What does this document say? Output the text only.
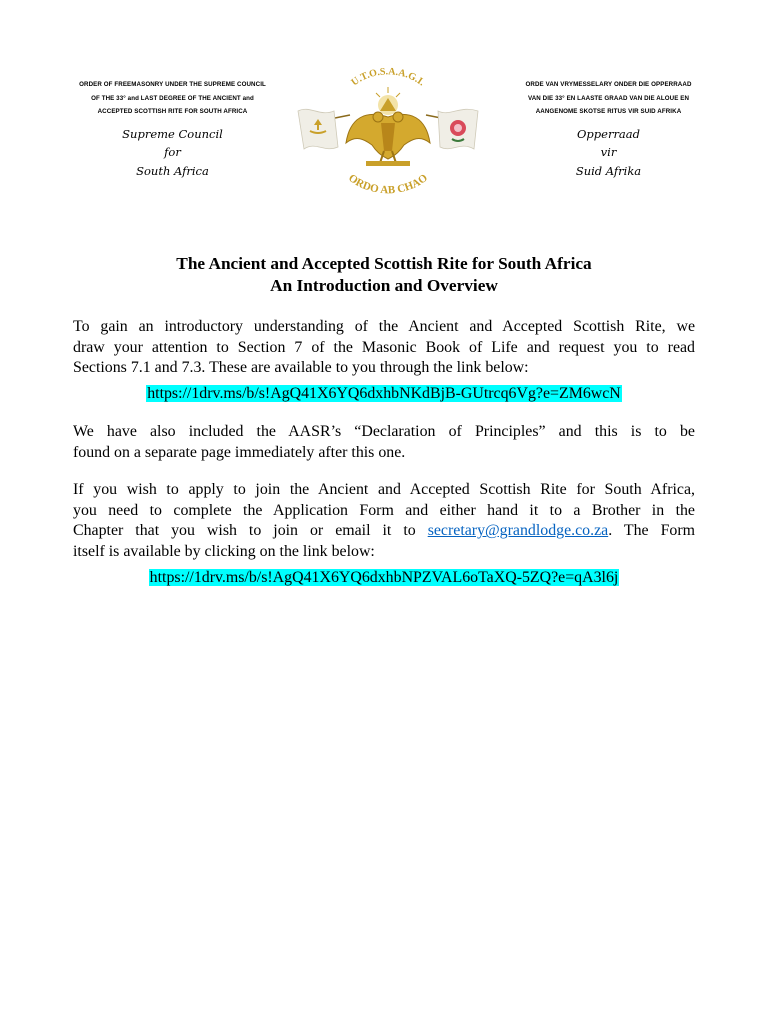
ORDER OF FREEMASONRY UNDER THE SUPREME COUNCIL
OF THE 33° and LAST DEGREE OF THE ANCIENT and
ACCEPTED SCOTTISH RITE FOR SOUTH AFRICA
Supreme Council
for
South Africa
U.T.O.S.A.A.G.I.
ORDO AB CHAO
ORDE VAN VRYMESSELARY ONDER DIE OPPERRAAD
VAN DIE 33° EN LAASTE GRAAD VAN DIE ALOUE EN
AANGENOME SKOTSE RITUS VIR SUID AFRIKA
Opperraad
vir
Suid Afrika
The Ancient and Accepted Scottish Rite for South Africa
An Introduction and Overview
To gain an introductory understanding of the Ancient and Accepted Scottish Rite, we
draw your attention to Section 7 of the Masonic Book of Life and request you to read
Sections 7.1 and 7.3. These are available to you through the link below:
https://1drv.ms/b/s!AgQ41X6YQ6dxhbNKdBjB-GUtrcq6Vg?e=ZM6wcN
We have also included the AASR’s “Declaration of Principles” and this is to be
found on a separate page immediately after this one.
If you wish to apply to join the Ancient and Accepted Scottish Rite for South Africa,
you need to complete the Application Form and either hand it to a Brother in the
Chapter that you wish to join or email it to secretary@grandlodge.co.za. The Form
itself is available by clicking on the link below:
https://1drv.ms/b/s!AgQ41X6YQ6dxhbNPZVAL6oTaXQ-5ZQ?e=qA3l6j
